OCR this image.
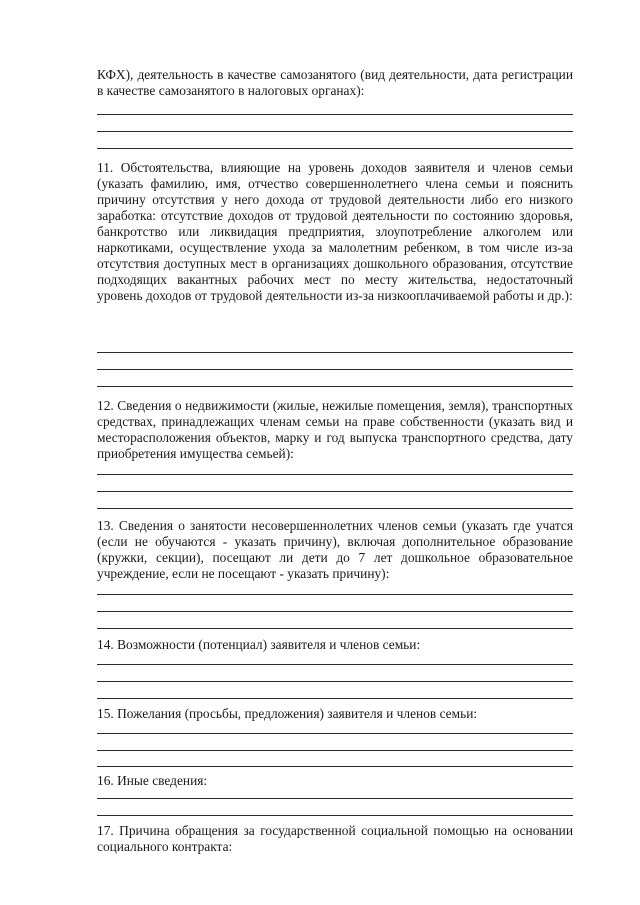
КФХ), деятельность в качестве самозанятого (вид деятельности, дата регистрации в качестве самозанятого в налоговых органах):
11. Обстоятельства, влияющие на уровень доходов заявителя и членов семьи (указать фамилию, имя, отчество совершеннолетнего члена семьи и пояснить причину отсутствия у него дохода от трудовой деятельности либо его низкого заработка: отсутствие доходов от трудовой деятельности по состоянию здоровья, банкротство или ликвидация предприятия, злоупотребление алкоголем или наркотиками, осуществление ухода за малолетним ребенком, в том числе из-за отсутствия доступных мест в организациях дошкольного образования, отсутствие подходящих вакантных рабочих мест по месту жительства, недостаточный уровень доходов от трудовой деятельности из-за низкооплачиваемой работы и др.):
12. Сведения о недвижимости (жилые, нежилые помещения, земля), транспортных средствах, принадлежащих членам семьи на праве собственности (указать вид и месторасположения объектов, марку и год выпуска транспортного средства, дату приобретения имущества семьей):
13. Сведения о занятости несовершеннолетних членов семьи (указать где учатся (если не обучаются - указать причину), включая дополнительное образование (кружки, секции), посещают ли дети до 7 лет дошкольное образовательное учреждение, если не посещают - указать причину):
14. Возможности (потенциал) заявителя и членов семьи:
15. Пожелания (просьбы, предложения) заявителя и членов семьи:
16. Иные сведения:
17. Причина обращения за государственной социальной помощью на основании социального контракта:
